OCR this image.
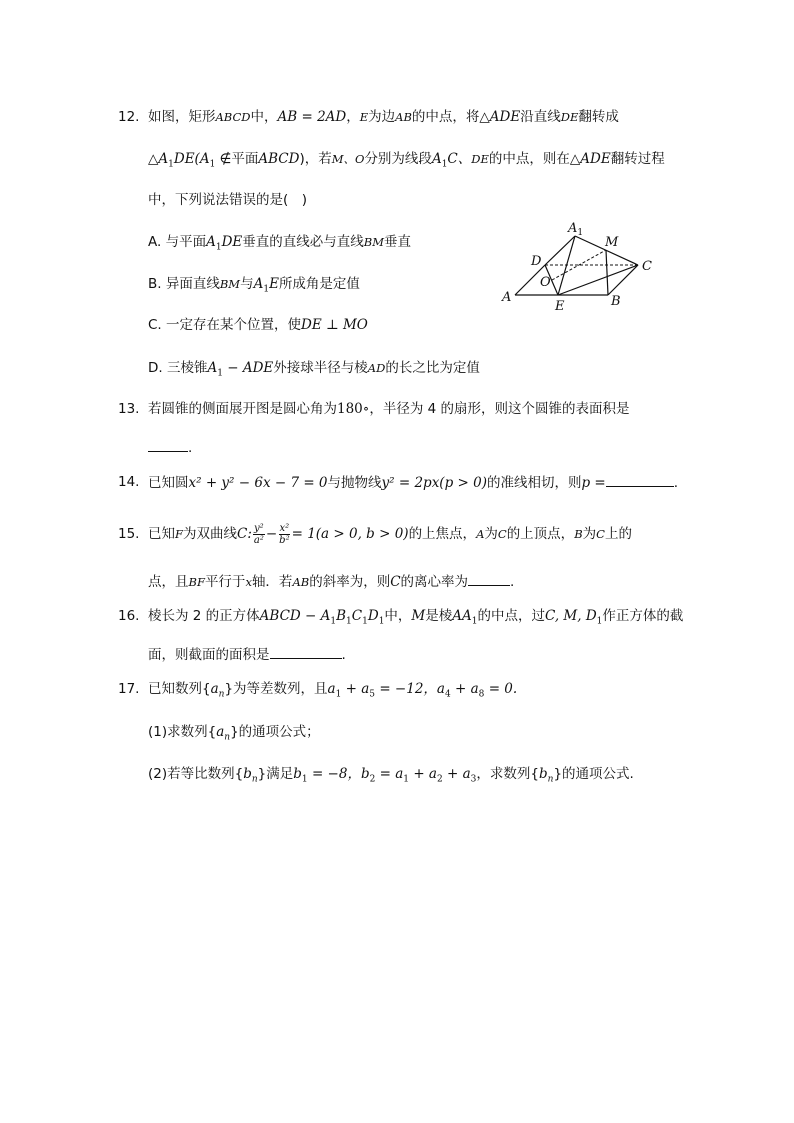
12. 如图，矩形ABCD中，AB = 2AD，E为边AB的中点，将△ADE沿直线DE翻转成
$\triangle A_1DE(A_1$ ∉平面ABCD)，若M、O分别为线段$A_1C$、DE的中点，则在△ADE翻转过程
中，下列说法错误的是(　)
A. 与平面$A_1DE$垂直的直线必与直线BM垂直
B. 异面直线BM与$A_1E$所成角是定值
C. 一定存在某个位置，使DE ⊥ MO
D. 三棱锥$A_1$ − ADE外接球半径与棱AD的长之比为定值
$A_1$
M
D	C
O
A
E	B
13. 若圆锥的侧面展开图是圆心角为180∘，半径为 4 的扇形，则这个圆锥的表面积是
.
14. 已知圆x² + y² − 6x − 7 = 0与抛物线y² = 2px(p > 0)的准线相切，则p =	.
15. 已知F为双曲线C: $\frac{\text{y²}}{\text{a²}} - \frac{\text{x²}}{\text{b²}} = 1(a > 0$, b > 0)的上焦点，A为C的上顶点，B为C上的
点，且BF平行于x轴．若AB的斜率为，则C的离心率为	.
16. 棱长为 2 的正方体ABCD − $A_1B_1C_1D_1$中，M是棱$AA_1$的中点，过C, M, $D_1$作正方体的截
面，则截面的面积是	.
17. 已知数列$\{a_n\}$为等差数列，且$a_1 + a_5 = -12$，$a_4 + a_8 = 0$.
(1)求数列$\{a_n\}$的通项公式；
(2)若等比数列$\{b_n\}$满足$b_1 = -8$，$b_2 = a_1 + a_2 + a_3$，求数列$\{b_n\}$的通项公式.
